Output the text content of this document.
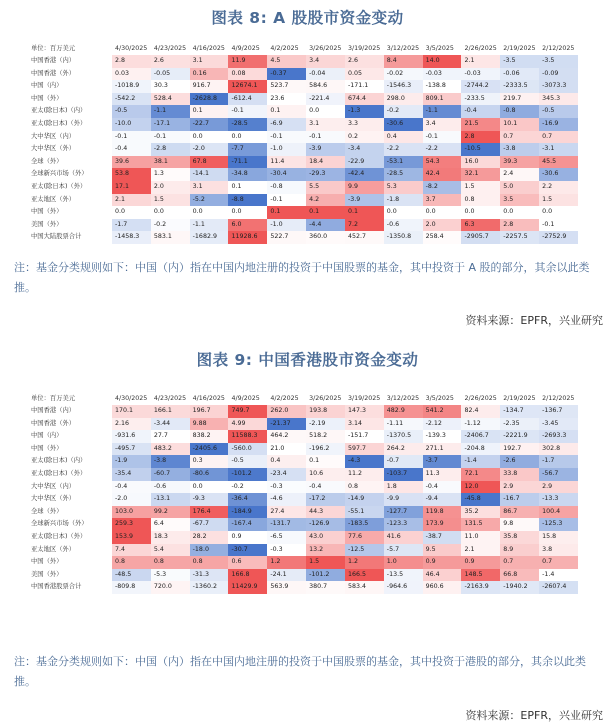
图表 8: A 股股市资金变动
单位：百万美元	4/30/2025	4/23/2025	4/16/2025	4/9/2025	4/2/2025	3/26/2025	3/19/2025	3/12/2025	3/5/2025	2/26/2025	2/19/2025	2/12/2025
中国香港（内）	2.8	2.6	3.1	11.9	4.5	3.4	2.6	8.4	14.0	2.1	-3.5	-3.5
中国香港（外）	0.03	-0.05	0.16	0.08	-0.37	-0.04	0.05	-0.02	-0.03	-0.03	-0.06	-0.09
中国（内）	-1018.9	30.3	916.7	12674.1	523.7	584.6	-171.1	-1546.3	-138.8	-2744.2	-2333.5	-3073.3
中国（外）	-542.2	528.4	-2628.8	-612.4	23.6	-221.4	674.4	298.0	809.1	-233.5	219.7	345.3
亚太(除日本)（内）	-0.5	-1.1	0.1	-0.1	0.1	0.0	-1.3	-0.2	-1.1	-0.4	-0.8	-0.5
亚太(除日本)（外）	-10.0	-17.1	-22.7	-28.5	-6.9	3.1	3.3	-30.6	3.4	21.5	10.1	-16.9
大中华区（内）	-0.1	-0.1	0.0	0.0	-0.1	-0.1	0.2	0.4	-0.1	2.8	0.7	0.7
大中华区（外）	-0.4	-2.8	-2.0	-7.7	-1.0	-3.9	-3.4	-2.2	-2.2	-10.5	-3.8	-3.1
全球（外）	39.6	38.1	67.8	-71.1	11.4	18.4	-22.9	-53.1	54.3	16.0	39.3	45.5
全球新兴市场（外）	53.8	1.3	-14.1	-34.8	-30.4	-29.3	-42.4	-28.5	42.4	32.1	2.4	-30.6
亚太(除日本)（外）	17.1	2.0	3.1	0.1	-0.8	5.5	9.9	5.3	-8.2	1.5	5.0	2.2
亚太地区（外）	2.1	1.5	-5.2	-8.8	-0.1	4.2	-3.9	-1.8	3.7	0.8	3.5	1.5
中国（外）	0.0	0.0	0.0	0.0	0.1	0.1	0.1	0.0	0.0	0.0	0.0	0.0
美国（外）	-1.7	-0.2	-1.1	6.0	-1.0	-4.4	7.2	-0.6	2.0	6.3	2.8	-0.1
中国大陆股票合计	-1458.3	583.1	-1682.9	11928.6	522.7	360.0	452.7	-1350.8	258.4	-2905.7	-2257.5	-2752.9
注：基金分类规则如下：中国（内）指在中国内地注册的投资于中国股票的基金，其中投资于 A 股的部分，其余以此类推。
资料来源：EPFR，兴业研究
图表 9: 中国香港股市资金变动
单位：百万美元	4/30/2025	4/23/2025	4/16/2025	4/9/2025	4/2/2025	3/26/2025	3/19/2025	3/12/2025	3/5/2025	2/26/2025	2/19/2025	2/12/2025
中国香港（内）	170.1	166.1	196.7	749.7	262.0	193.8	147.3	482.9	541.2	82.4	-134.7	-136.7
中国香港（外）	2.16	-3.44	9.88	4.99	-21.37	-2.19	3.14	-1.11	-2.12	-1.12	-2.35	-3.45
中国（内）	-931.6	27.7	838.2	11588.3	464.2	518.2	-151.7	-1370.5	-139.3	-2406.7	-2221.9	-2693.3
中国（外）	-495.7	483.2	-2405.6	-560.0	21.0	-196.2	597.7	264.2	271.1	-204.8	192.7	302.8
亚太(除日本)（内）	-1.9	-3.8	0.3	-0.5	0.4	0.1	-4.3	-0.7	-3.7	-1.4	-2.6	-1.7
亚太(除日本)（外）	-35.4	-60.7	-80.6	-101.2	-23.4	10.6	11.2	-103.7	11.3	72.1	33.8	-56.7
大中华区（内）	-0.4	-0.6	0.0	-0.2	-0.3	-0.4	0.8	1.8	-0.4	12.0	2.9	2.9
大中华区（外）	-2.0	-13.1	-9.3	-36.4	-4.6	-17.2	-14.9	-9.9	-9.4	-45.8	-16.7	-13.3
全球（外）	103.0	99.2	176.4	-184.9	27.4	44.3	-55.1	-127.7	119.8	35.2	86.7	100.4
全球新兴市场（外）	259.3	6.4	-67.7	-167.4	-131.7	-126.9	-183.5	-123.3	173.9	131.5	9.8	-125.3
亚太(除日本)（外）	153.9	18.3	28.2	0.9	-6.5	43.0	77.6	41.6	-38.7	11.0	35.8	15.8
亚太地区（外）	7.4	5.4	-18.0	-30.7	-0.3	13.2	-12.5	-5.7	9.5	2.1	8.9	3.8
中国（外）	0.8	0.8	0.8	0.6	1.2	1.5	1.2	1.0	0.9	0.9	0.7	0.7
美国（外）	-48.5	-5.3	-31.3	166.8	-24.1	-101.2	166.5	-13.5	46.4	148.5	66.8	-1.4
中国香港股票合计	-809.8	720.0	-1360.2	11429.9	563.9	380.7	583.4	-964.6	960.6	-2163.9	-1940.2	-2607.4
注：基金分类规则如下：中国（内）指在中国内地注册的投资于中国股票的基金，其中投资于港股的部分，其余以此类推。
资料来源：EPFR，兴业研究
